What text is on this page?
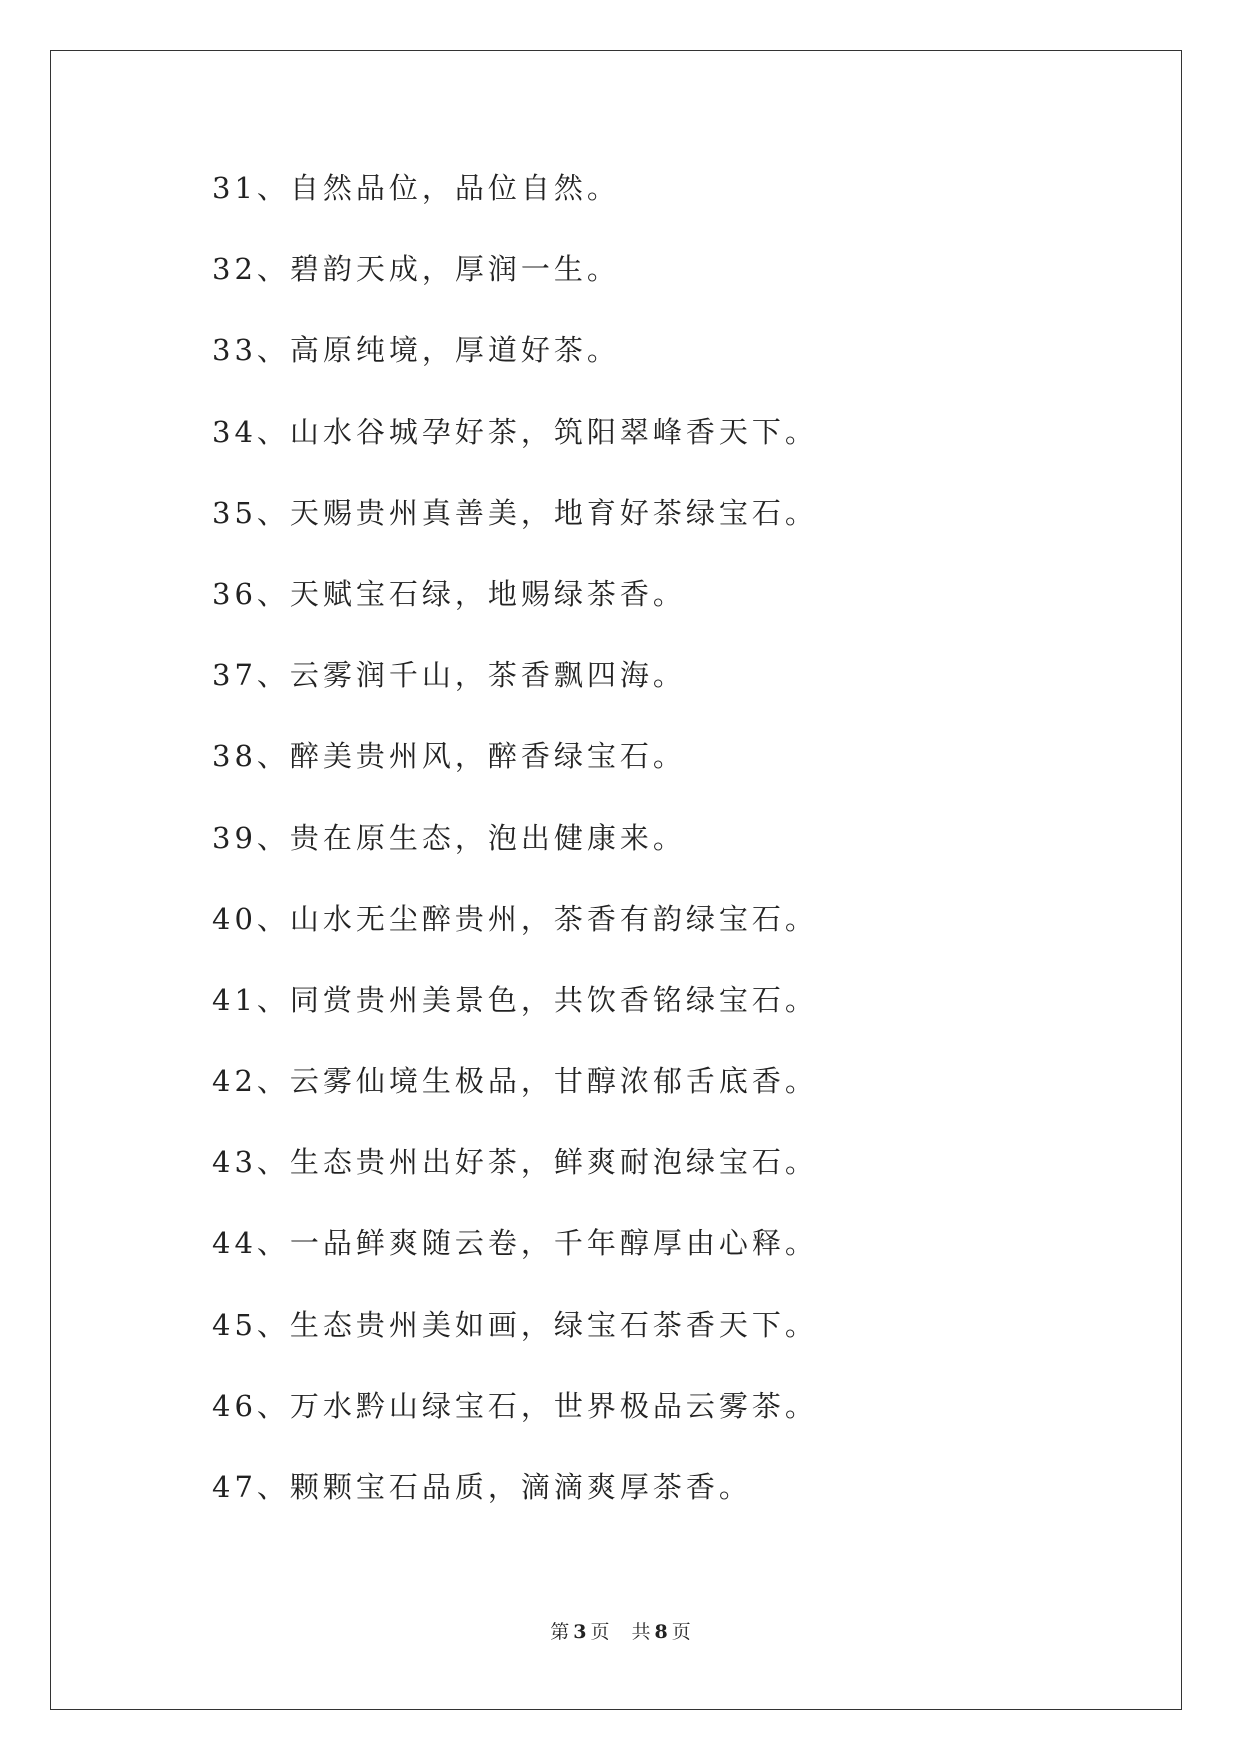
31、自然品位，品位自然。
32、碧韵天成，厚润一生。
33、高原纯境，厚道好茶。
34、山水谷城孕好茶，筑阳翠峰香天下。
35、天赐贵州真善美，地育好茶绿宝石。
36、天赋宝石绿，地赐绿茶香。
37、云雾润千山，茶香飘四海。
38、醉美贵州风，醉香绿宝石。
39、贵在原生态，泡出健康来。
40、山水无尘醉贵州，茶香有韵绿宝石。
41、同赏贵州美景色，共饮香铭绿宝石。
42、云雾仙境生极品，甘醇浓郁舌底香。
43、生态贵州出好茶，鲜爽耐泡绿宝石。
44、一品鲜爽随云卷，千年醇厚由心释。
45、生态贵州美如画，绿宝石茶香天下。
46、万水黔山绿宝石，世界极品云雾茶。
47、颗颗宝石品质，滴滴爽厚茶香。
第 3 页 共 8 页
